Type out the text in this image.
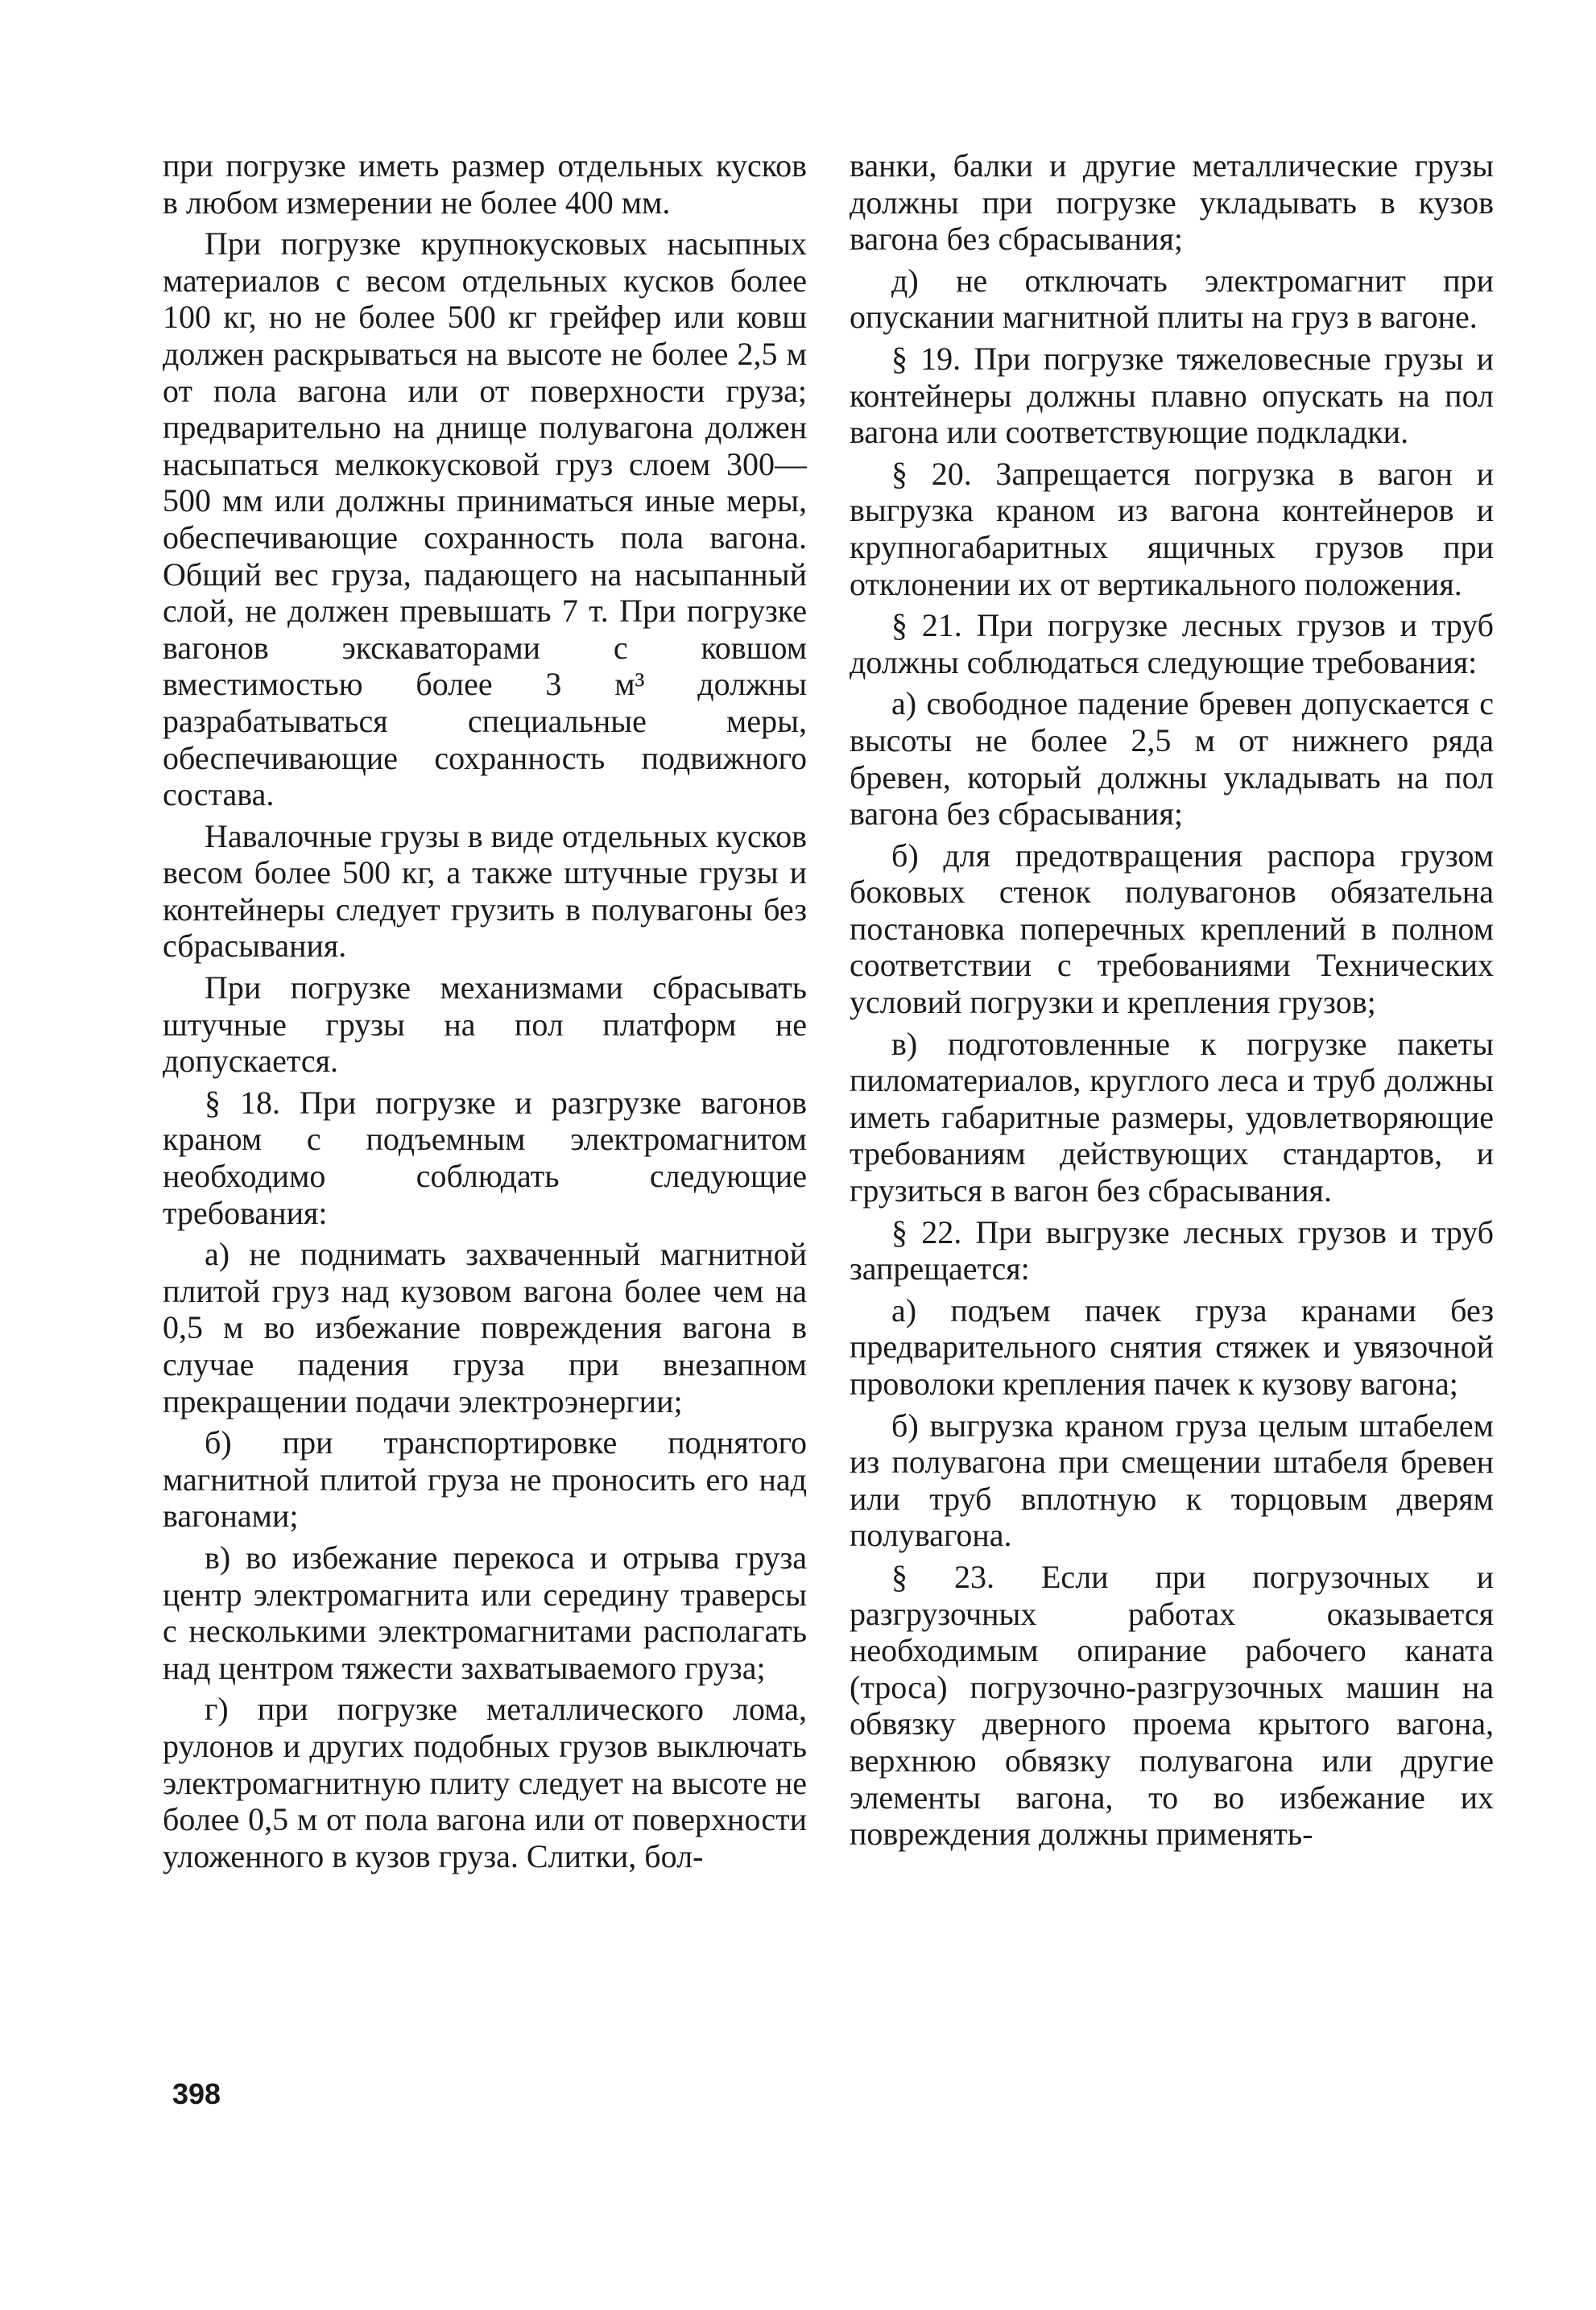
при погрузке иметь размер отдельных кусков в любом измерении не более 400 мм.

При погрузке крупнокусковых насыпных материалов с весом отдельных кусков более 100 кг, но не более 500 кг грейфер или ковш должен раскрываться на высоте не более 2,5 м от пола вагона или от поверхности груза; предварительно на днище полувагона должен насыпаться мелкокусковой груз слоем 300—500 мм или должны приниматься иные меры, обеспечивающие сохранность пола вагона. Общий вес груза, падающего на насыпанный слой, не должен превышать 7 т. При погрузке вагонов экскаваторами с ковшом вместимостью более 3 м³ должны разрабатываться специальные меры, обеспечивающие сохранность подвижного состава.

Навалочные грузы в виде отдельных кусков весом более 500 кг, а также штучные грузы и контейнеры следует грузить в полувагоны без сбрасывания.

При погрузке механизмами сбрасывать штучные грузы на пол платформ не допускается.

§ 18. При погрузке и разгрузке вагонов краном с подъемным электромагнитом необходимо соблюдать следующие требования:

а) не поднимать захваченный магнитной плитой груз над кузовом вагона более чем на 0,5 м во избежание повреждения вагона в случае падения груза при внезапном прекращении подачи электроэнергии;

б) при транспортировке поднятого магнитной плитой груза не проносить его над вагонами;

в) во избежание перекоса и отрыва груза центр электромагнита или середину траверсы с несколькими электромагнитами располагать над центром тяжести захватываемого груза;

г) при погрузке металлического лома, рулонов и других подобных грузов выключать электромагнитную плиту следует на высоте не более 0,5 м от пола вагона или от поверхности уложенного в кузов груза. Слитки, бол-

ванки, балки и другие металлические грузы должны при погрузке укладывать в кузов вагона без сбрасывания;

д) не отключать электромагнит при опускании магнитной плиты на груз в вагоне.

§ 19. При погрузке тяжеловесные грузы и контейнеры должны плавно опускать на пол вагона или соответствующие подкладки.

§ 20. Запрещается погрузка в вагон и выгрузка краном из вагона контейнеров и крупногабаритных ящичных грузов при отклонении их от вертикального положения.

§ 21. При погрузке лесных грузов и труб должны соблюдаться следующие требования:

а) свободное падение бревен допускается с высоты не более 2,5 м от нижнего ряда бревен, который должны укладывать на пол вагона без сбрасывания;

б) для предотвращения распора грузом боковых стенок полувагонов обязательна постановка поперечных креплений в полном соответствии с требованиями Технических условий погрузки и крепления грузов;

в) подготовленные к погрузке пакеты пиломатериалов, круглого леса и труб должны иметь габаритные размеры, удовлетворяющие требованиям действующих стандартов, и грузиться в вагон без сбрасывания.

§ 22. При выгрузке лесных грузов и труб запрещается:

а) подъем пачек груза кранами без предварительного снятия стяжек и увязочной проволоки крепления пачек к кузову вагона;

б) выгрузка краном груза целым штабелем из полувагона при смещении штабеля бревен или труб вплотную к торцовым дверям полувагона.

§ 23. Если при погрузочных и разгрузочных работах оказывается необходимым опирание рабочего каната (троса) погрузочно-разгрузочных машин на обвязку дверного проема крытого вагона, верхнюю обвязку полувагона или другие элементы вагона, то во избежание их повреждения должны применять-

398
